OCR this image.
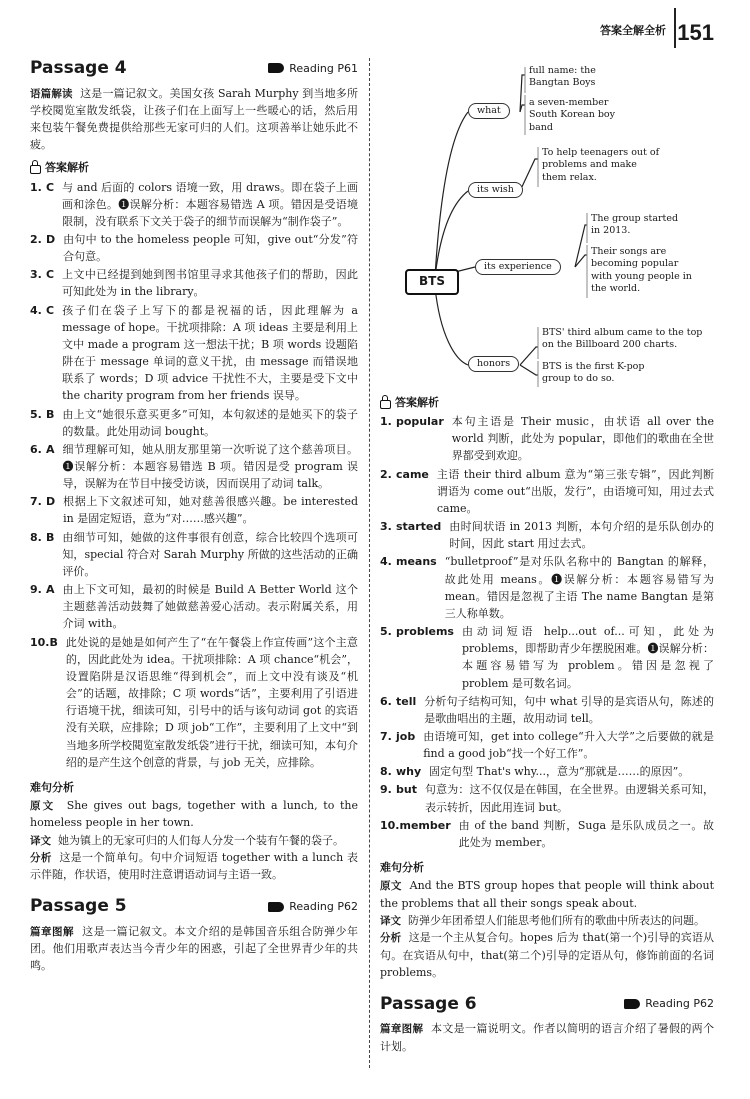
答案全解全析 151
Passage 4	Reading P61

语篇解读 这是一篇记叙文。美国女孩 Sarah Murphy 到当地多所学校閱览室散发纸袋，让孩子们在上面写上一些暖心的话，然后用来包装午餐免费提供给那些无家可归的人们。这项善举让她乐此不疲。

答案解析
1. C 与 and 后面的 colors 语境一致，用 draws。即在袋子上画画和涂色。❶误解分析：本题容易错选 A 项。错因是受语境限制，没有联系下文关于袋子的细节而误解为“制作袋子”。
2. D 由句中 to the homeless people 可知，give out“分发”符合句意。
3. C 上文中已经提到她到图书馆里寻求其他孩子们的帮助，因此可知此处为 in the library。
4. C 孩子们在袋子上写下的都是祝福的话，因此理解为 a message of hope。干扰项排除：A 项 ideas 主要是利用上文中 made a program 这一想法干扰；B 项 words 设题陷阱在于 message 单词的意义干扰，由 message 而错误地联系了 words；D 项 advice 干扰性不大，主要是受下文中 the charity program from her friends 误导。
5. B 由上文“她很乐意买更多”可知，本句叙述的是她买下的袋子的数量。此处用动词 bought。
6. A 细节理解可知，她从朋友那里第一次听说了这个慈善项目。❶误解分析：本题容易错选 B 项。错因是受 program 误导，误解为在节目中接受访谈，因而误用了动词 talk。
7. D 根据上下文叙述可知，她对慈善很感兴趣。be interested in 是固定短语，意为“对……感兴趣”。
8. B 由细节可知，她做的这件事很有创意，综合比较四个选项可知，special 符合对 Sarah Murphy 所做的这些活动的正确评价。
9. A 由上下文可知，最初的时候是 Build A Better World 这个主题慈善活动鼓舞了她做慈善爱心活动。表示附属关系，用介词 with。
10. B 此处说的是她是如何产生了“在午餐袋上作宣传画”这个主意的，因此此处为 idea。干扰项排除：A 项 chance“机会”，设置陷阱是汉语思维“得到机会”，而上文中没有谈及“机会”的话题，故排除；C 项 words“话”，主要利用了引语进行语境干扰，细读可知，引号中的话与该句动词 got 的宾语没有关联，应排除；D 项 job“工作”，主要利用了上文中“到当地多所学校閱览室散发纸袋”进行干扰，细读可知，本句介绍的是产生这个创意的背景，与 job 无关，应排除。
难句分析

原文 She gives out bags, together with a lunch, to the homeless people in her town.

译文 她为镇上的无家可归的人们每人分发一个装有午餐的袋子。

分析 这是一个简单句。句中介词短语 together with a lunch 表示伴随，作状语，使用时注意谓语动词与主语一致。

Passage 5	Reading P62

篇章图解 这是一篇记叙文。本文介绍的是韩国音乐组合防弹少年团。他们用歌声表达当今青少年的困惑，引起了全世界青少年的共鸣。

BTS
what
its wish
its experience
honors
full name: the Bangtan Boys
a seven-member South Korean boy band
To help teenagers out of problems and make them relax.
The group started in 2013.
Their songs are becoming popular with young people in the world.
BTS' third album came to the top on the Billboard 200 charts.
BTS is the first K-pop group to do so.
答案解析
1. popular 本句主语是 Their music，由状语 all over the world 判断，此处为 popular，即他们的歌曲在全世界都受到欢迎。
2. came 主语 their third album 意为“第三张专辑”，因此判断谓语为 come out“出版，发行”，由语境可知，用过去式 came。
3. started 由时间状语 in 2013 判断，本句介绍的是乐队创办的时间，因此 start 用过去式。
4. means “bulletproof”是对乐队名称中的 Bangtan 的解释，故此处用 means。❶误解分析：本题容易错写为 mean。错因是忽视了主语 The name Bangtan 是第三人称单数。
5. problems 由动词短语 help...out of...可知，此处为 problems，即帮助青少年摆脱困难。❶误解分析：本题容易错写为 problem。错因是忽视了 problem 是可数名词。
6. tell 分析句子结构可知，句中 what 引导的是宾语从句，陈述的是歌曲唱出的主题，故用动词 tell。
7. job 由语境可知，get into college“升入大学”之后要做的就是 find a good job“找一个好工作”。
8. why 固定句型 That's why...，意为“那就是……的原因”。
9. but 句意为：这不仅仅是在韩国，在全世界。由逻辑关系可知，表示转折，因此用连词 but。
10. member 由 of the band 判断，Suga 是乐队成员之一。故此处为 member。
难句分析

原文 And the BTS group hopes that people will think about the problems that all their songs speak about.

译文 防弹少年团希望人们能思考他们所有的歌曲中所表达的问题。

分析 这是一个主从复合句。hopes 后为 that(第一个)引导的宾语从句。在宾语从句中，that(第二个)引导的定语从句，修饰前面的名词 problems。

Passage 6	Reading P62

篇章图解 本文是一篇说明文。作者以简明的语言介绍了暑假的两个计划。
